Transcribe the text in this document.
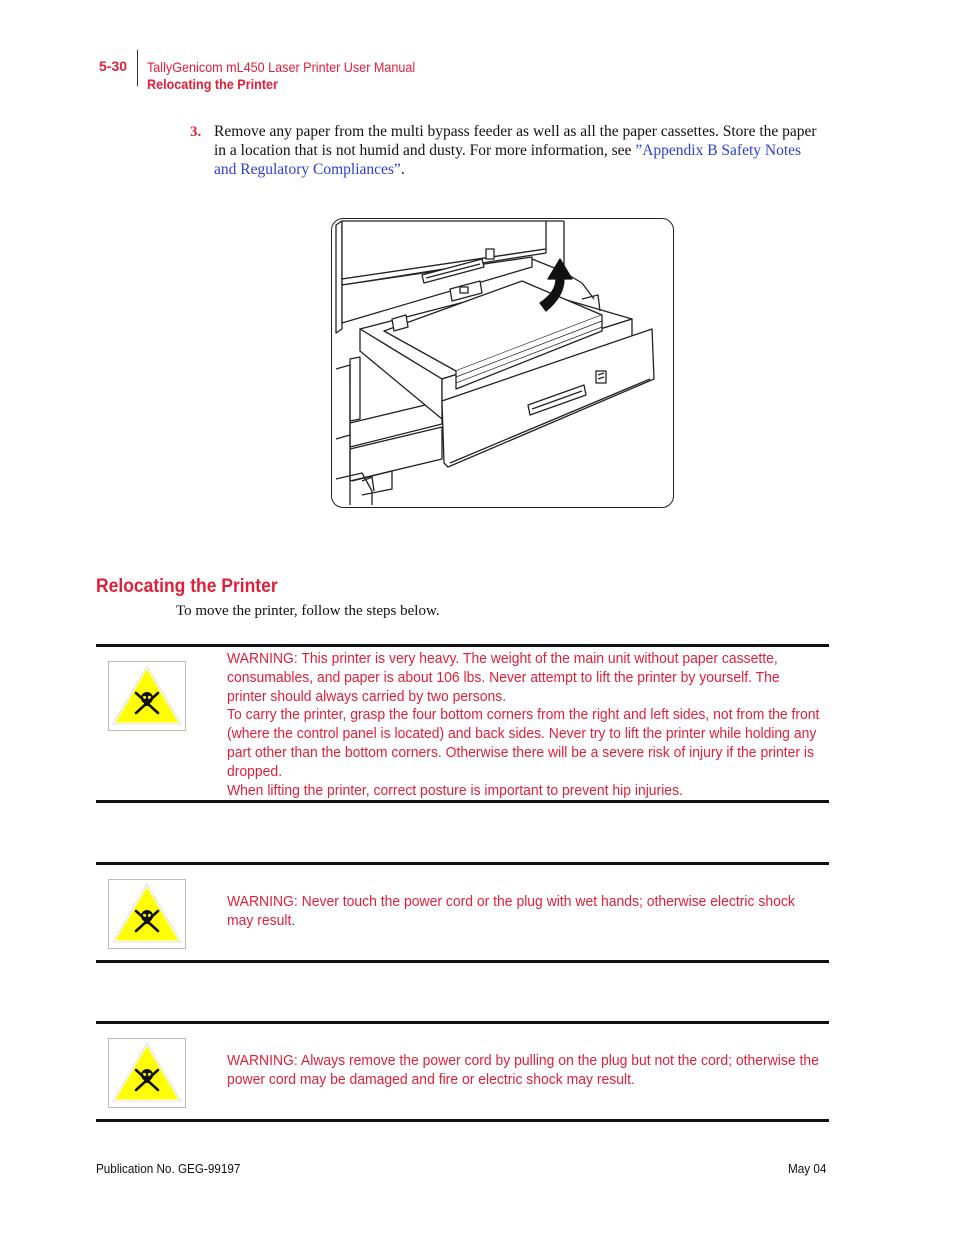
5-30 TallyGenicom mL450 Laser Printer User Manual
Relocating the Printer
3. Remove any paper from the multi bypass feeder as well as all the paper cassettes. Store the paper in a location that is not humid and dusty. For more information, see ”Appendix B Safety Notes and Regulatory Compliances”.
Relocating the Printer
To move the printer, follow the steps below.
WARNING: This printer is very heavy. The weight of the main unit without paper cassette, consumables, and paper is about 106 lbs. Never attempt to lift the printer by yourself. The printer should always carried by two persons.
To carry the printer, grasp the four bottom corners from the right and left sides, not from the front (where the control panel is located) and back sides. Never try to lift the printer while holding any part other than the bottom corners. Otherwise there will be a severe risk of injury if the printer is dropped.
When lifting the printer, correct posture is important to prevent hip injuries.
WARNING: Never touch the power cord or the plug with wet hands; otherwise electric shock may result.
WARNING: Always remove the power cord by pulling on the plug but not the cord; otherwise the power cord may be damaged and fire or electric shock may result.
Publication No. GEG-99197	May 04
